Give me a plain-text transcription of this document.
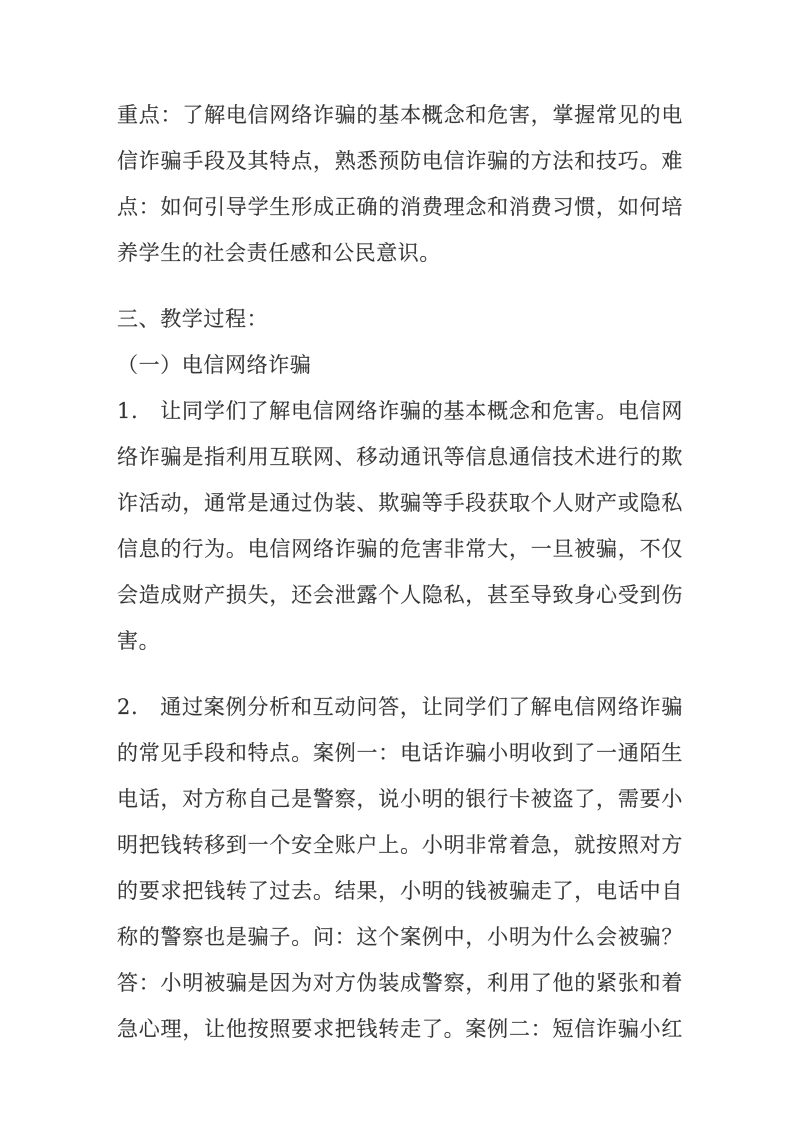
重点：了解电信网络诈骗的基本概念和危害，掌握常见的电
信诈骗手段及其特点，熟悉预防电信诈骗的方法和技巧。难
点：如何引导学生形成正确的消费理念和消费习惯，如何培
养学生的社会责任感和公民意识。
三、教学过程：
（一）电信网络诈骗
1.　让同学们了解电信网络诈骗的基本概念和危害。电信网
络诈骗是指利用互联网、移动通讯等信息通信技术进行的欺
诈活动，通常是通过伪装、欺骗等手段获取个人财产或隐私
信息的行为。电信网络诈骗的危害非常大，一旦被骗，不仅
会造成财产损失，还会泄露个人隐私，甚至导致身心受到伤
害。
2.　通过案例分析和互动问答，让同学们了解电信网络诈骗
的常见手段和特点。案例一：电话诈骗小明收到了一通陌生
电话，对方称自己是警察，说小明的银行卡被盗了，需要小
明把钱转移到一个安全账户上。小明非常着急，就按照对方
的要求把钱转了过去。结果，小明的钱被骗走了，电话中自
称的警察也是骗子。问：这个案例中，小明为什么会被骗？
答：小明被骗是因为对方伪装成警察，利用了他的紧张和着
急心理，让他按照要求把钱转走了。案例二：短信诈骗小红
